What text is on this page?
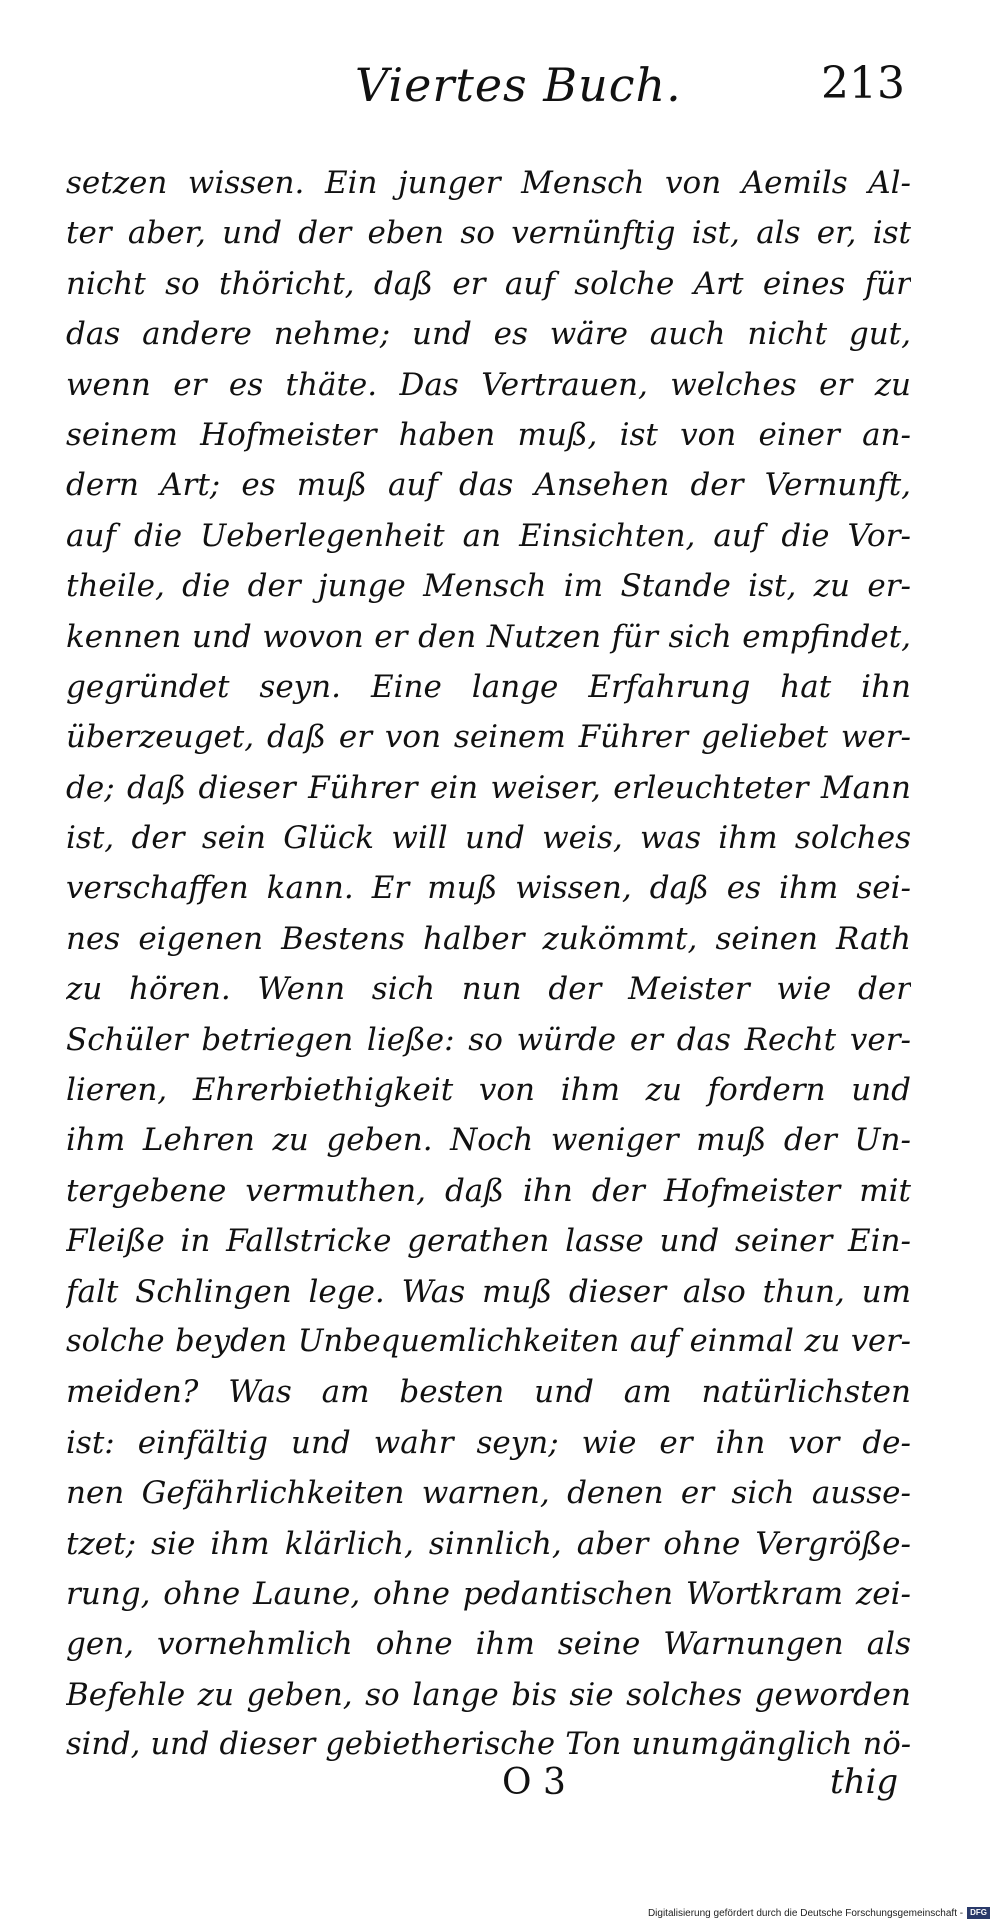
Viertes Buch.	213
setzen wissen. Ein junger Mensch von Aemils Al-
ter aber, und der eben so vernünftig ist, als er, ist
nicht so thöricht, daß er auf solche Art eines für
das andere nehme; und es wäre auch nicht gut,
wenn er es thäte. Das Vertrauen, welches er zu
seinem Hofmeister haben muß, ist von einer an-
dern Art; es muß auf das Ansehen der Vernunft,
auf die Ueberlegenheit an Einsichten, auf die Vor-
theile, die der junge Mensch im Stande ist, zu er-
kennen und wovon er den Nutzen für sich empfindet,
gegründet seyn. Eine lange Erfahrung hat ihn
überzeuget, daß er von seinem Führer geliebet wer-
de; daß dieser Führer ein weiser, erleuchteter Mann
ist, der sein Glück will und weis, was ihm solches
verschaffen kann. Er muß wissen, daß es ihm sei-
nes eigenen Bestens halber zukömmt, seinen Rath
zu hören. Wenn sich nun der Meister wie der
Schüler betriegen ließe: so würde er das Recht ver-
lieren, Ehrerbiethigkeit von ihm zu fordern und
ihm Lehren zu geben. Noch weniger muß der Un-
tergebene vermuthen, daß ihn der Hofmeister mit
Fleiße in Fallstricke gerathen lasse und seiner Ein-
falt Schlingen lege. Was muß dieser also thun, um
solche beyden Unbequemlichkeiten auf einmal zu ver-
meiden? Was am besten und am natürlichsten
ist: einfältig und wahr seyn; wie er ihn vor de-
nen Gefährlichkeiten warnen, denen er sich ausse-
tzet; sie ihm klärlich, sinnlich, aber ohne Vergröße-
rung, ohne Laune, ohne pedantischen Wortkram zei-
gen, vornehmlich ohne ihm seine Warnungen als
Befehle zu geben, so lange bis sie solches geworden
sind, und dieser gebietherische Ton unumgänglich nö-
O 3	thig
Digitalisierung gefördert durch die Deutsche Forschungsgemeinschaft - DFG
